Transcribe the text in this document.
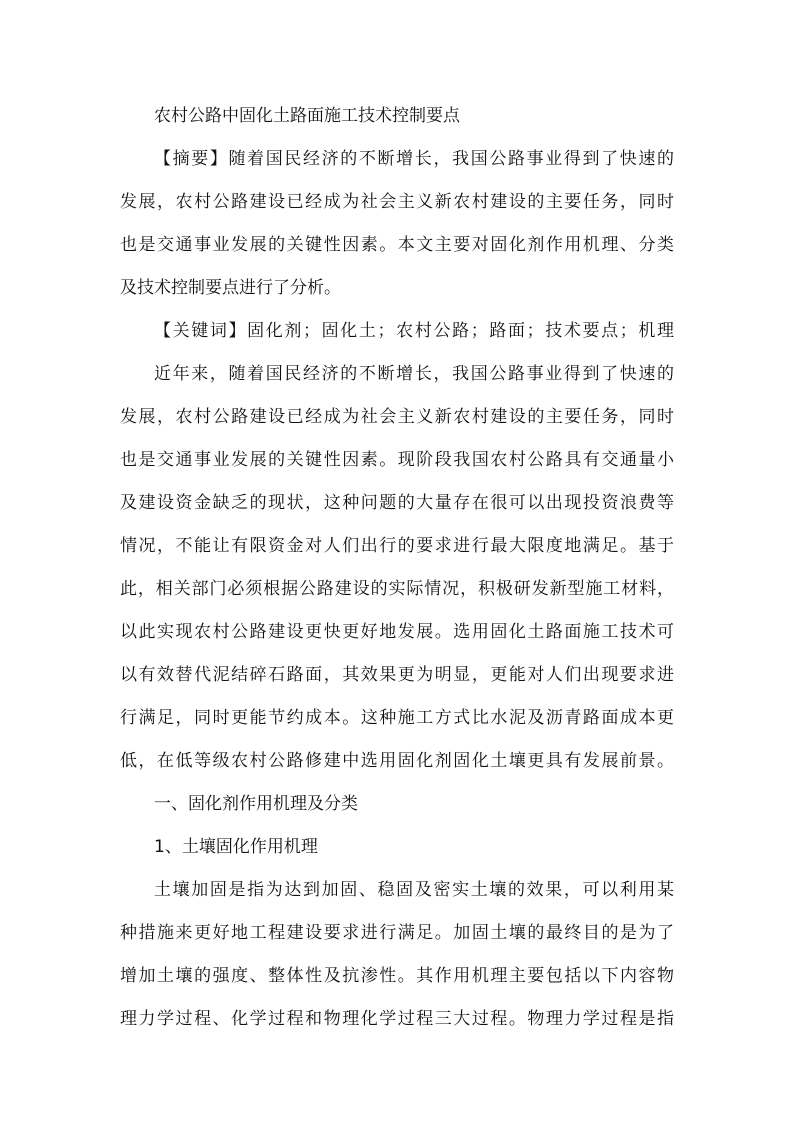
农村公路中固化土路面施工技术控制要点
【摘要】随着国民经济的不断增长，我国公路事业得到了快速的
发展，农村公路建设已经成为社会主义新农村建设的主要任务，同时
也是交通事业发展的关键性因素。本文主要对固化剂作用机理、分类
及技术控制要点进行了分析。
【关键词】固化剂；固化土；农村公路；路面；技术要点；机理
近年来，随着国民经济的不断增长，我国公路事业得到了快速的
发展，农村公路建设已经成为社会主义新农村建设的主要任务，同时
也是交通事业发展的关键性因素。现阶段我国农村公路具有交通量小
及建设资金缺乏的现状，这种问题的大量存在很可以出现投资浪费等
情况，不能让有限资金对人们出行的要求进行最大限度地满足。基于
此，相关部门必须根据公路建设的实际情况，积极研发新型施工材料，
以此实现农村公路建设更快更好地发展。选用固化土路面施工技术可
以有效替代泥结碎石路面，其效果更为明显，更能对人们出现要求进
行满足，同时更能节约成本。这种施工方式比水泥及沥青路面成本更
低，在低等级农村公路修建中选用固化剂固化土壤更具有发展前景。
一、固化剂作用机理及分类
1、土壤固化作用机理
土壤加固是指为达到加固、稳固及密实土壤的效果，可以利用某
种措施来更好地工程建设要求进行满足。加固土壤的最终目的是为了
增加土壤的强度、整体性及抗渗性。其作用机理主要包括以下内容物
理力学过程、化学过程和物理化学过程三大过程。物理力学过程是指
